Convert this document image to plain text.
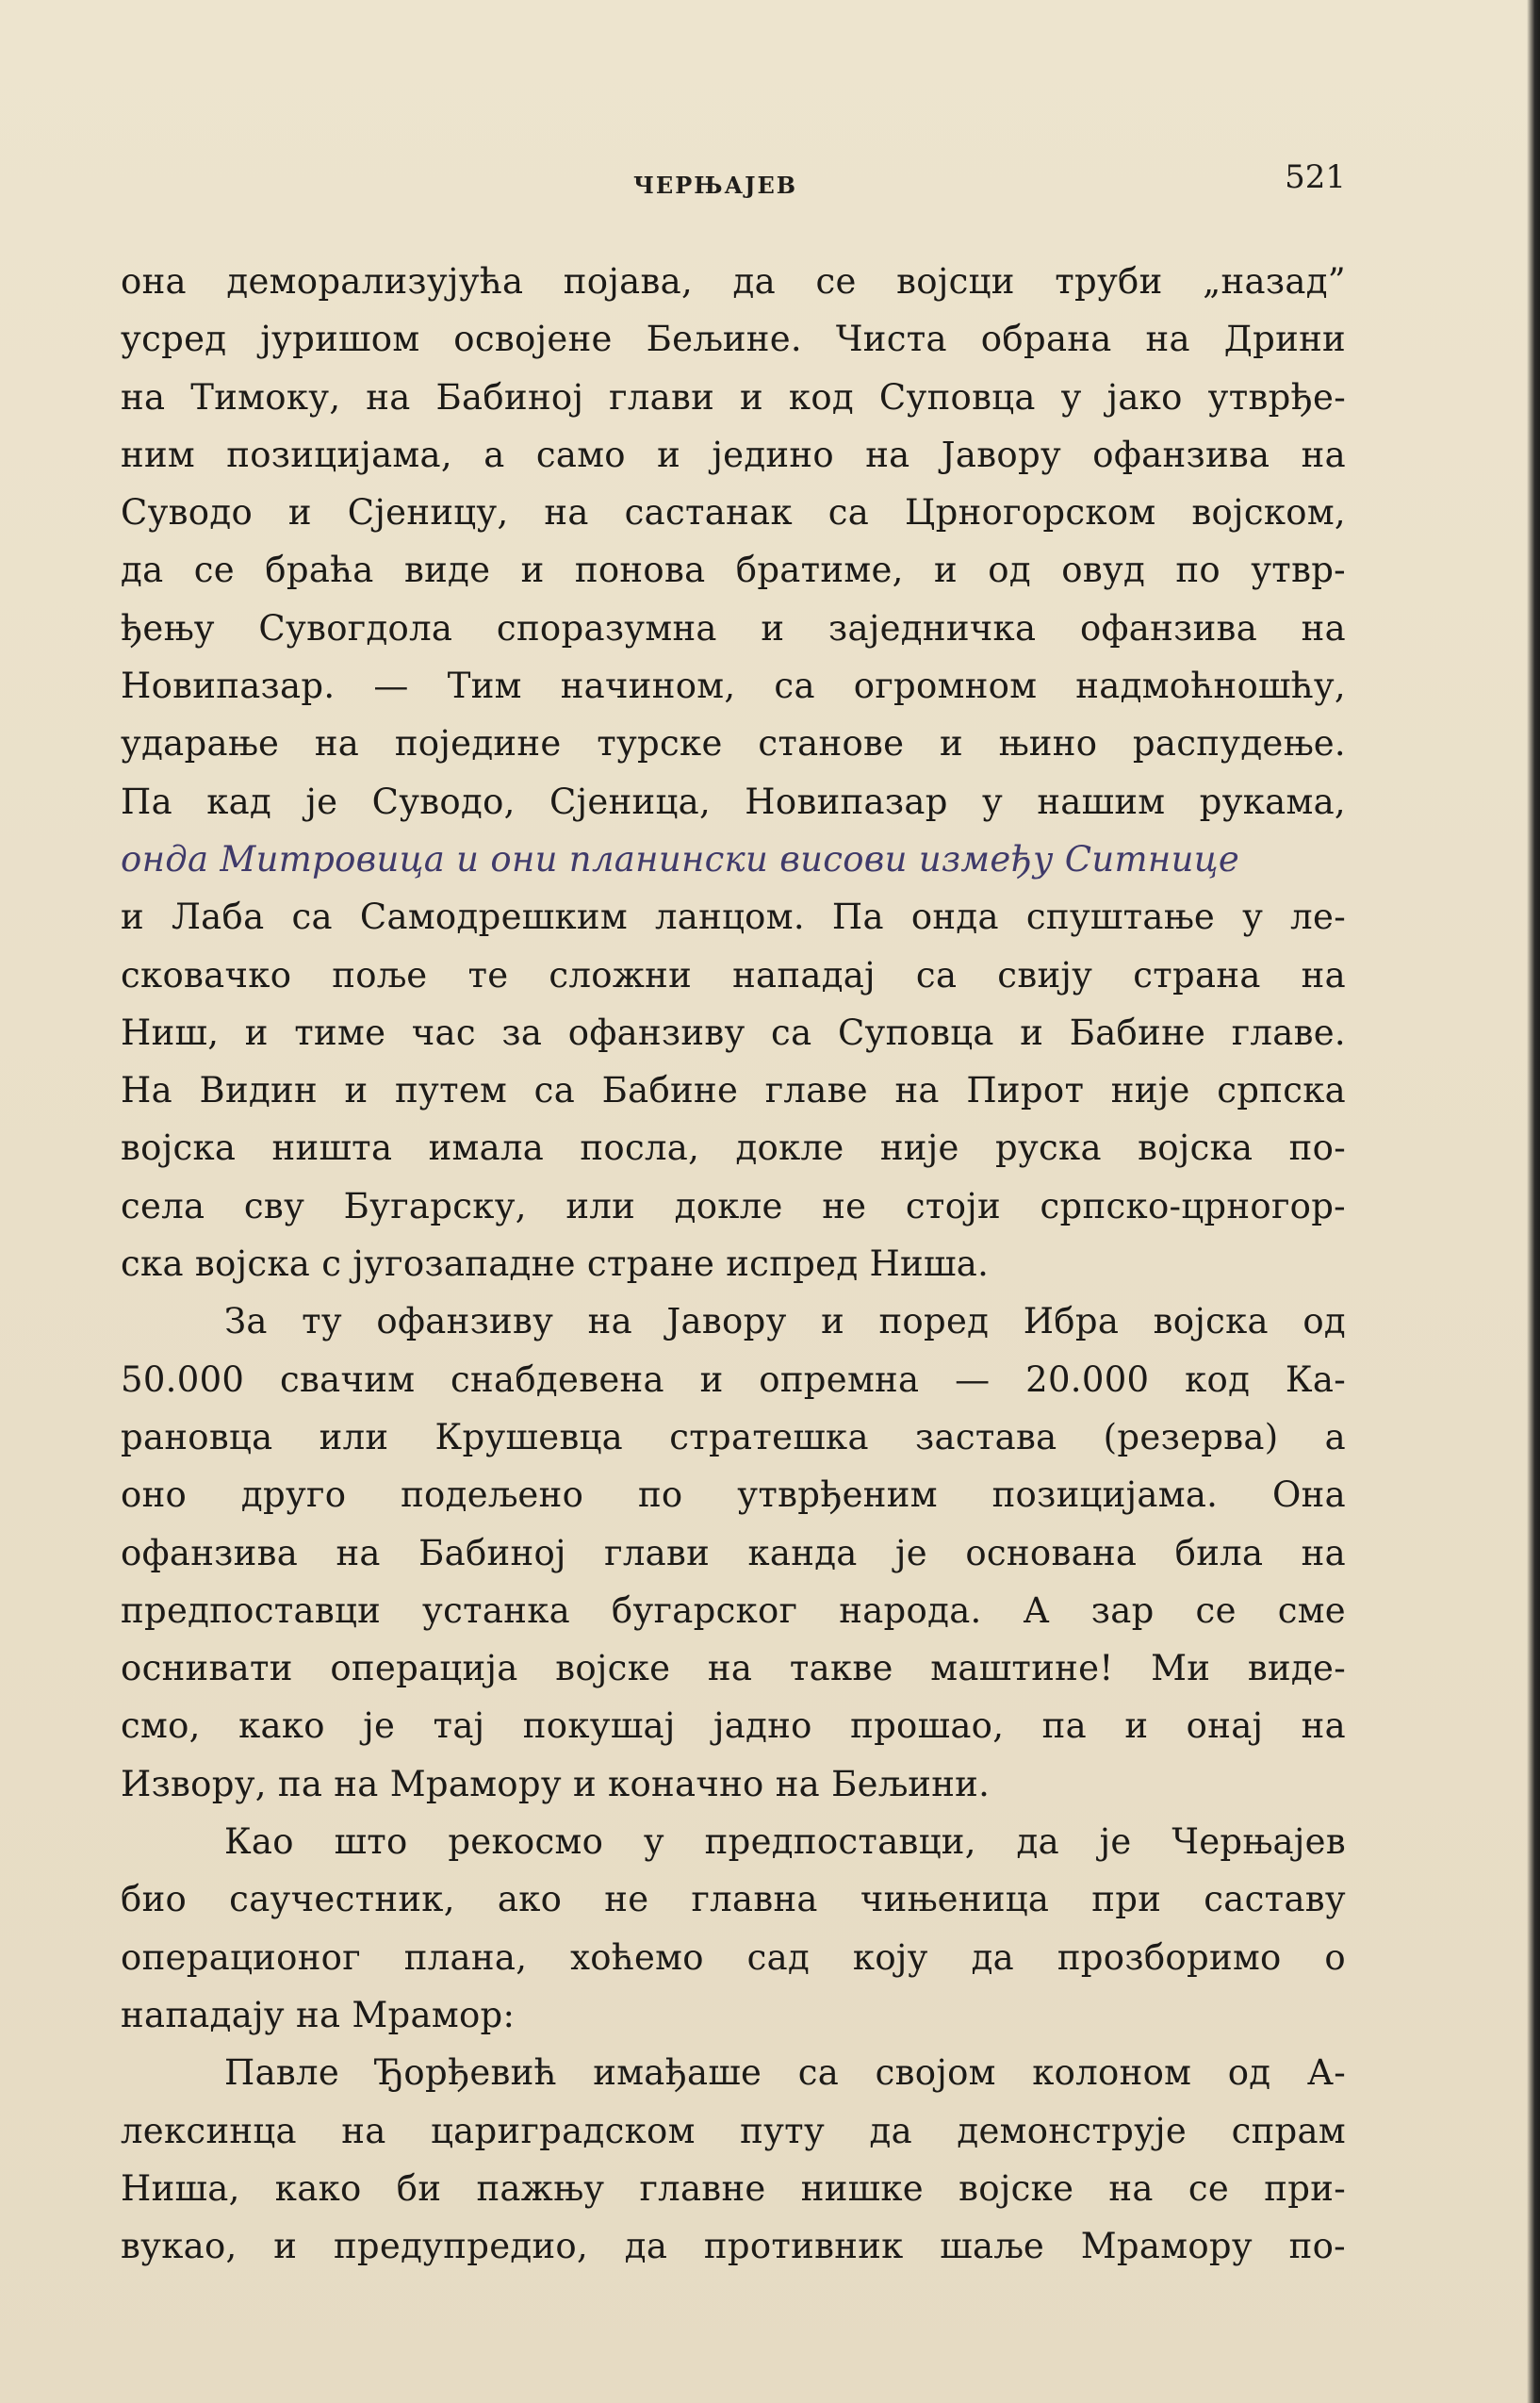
ЧЕРЊАЈЕВ	521
она деморализујућа појава, да се војсци труби „назад”
усред јуришом освојене Бељине. Чиста обрана на Дрини
на Тимоку, на Бабиној глави и код Суповца у јако утврђе-
ним позицијама, а само и једино на Јавору офанзива на
Суводо и Сјеницу, на састанак са Црногорском војском,
да се браћа виде и понова братиме, и од овуд по утвр-
ђењу Сувогдола споразумна и заједничка офанзива на
Новипазар. — Тим начином, са огромном надмоћношћу,
ударање на поједине турске станове и њино распудење.
Па кад је Суводо, Сјеница, Новипазар у нашим рукама,
онда Митровица и они планински висови између Ситнице
и Лаба са Самодрешким ланцом. Па онда спуштање у ле-
сковачко поље те сложни нападај са свију страна на
Ниш, и тиме час за офанзиву са Суповца и Бабине главе.
На Видин и путем са Бабине главе на Пирот није српска
војска ништа имала посла, докле није руска војска по-
села сву Бугарску, или докле не стоји српско-црногор-
ска војска с југозападне стране испред Ниша.
За ту офанзиву на Јавору и поред Ибра војска од
50.000 свачим снабдевена и опремна — 20.000 код Ка-
рановца или Крушевца стратешка застава (резерва) а
оно друго подељено по утврђеним позицијама. Она
офанзива на Бабиној глави канда је основана била на
предпоставци устанка бугарског народа. А зар се сме
оснивати операција војске на такве маштине! Ми виде-
смо, како је тај покушај јадно прошао, па и онај на
Извору, па на Мрамору и коначно на Бељини.
Као што рекосмо у предпоставци, да је Черњајев
био саучестник, ако не главна чињеница при саставу
операционог плана, хоћемо сад коју да прозборимо о
нападају на Мрамор:
Павле Ђорђевић имађаше са својом колоном од А-
лексинца на цариградском путу да демонструје спрам
Ниша, како би пажњу главне нишке војске на се при-
вукао, и предупредио, да противник шаље Мрамору по-
